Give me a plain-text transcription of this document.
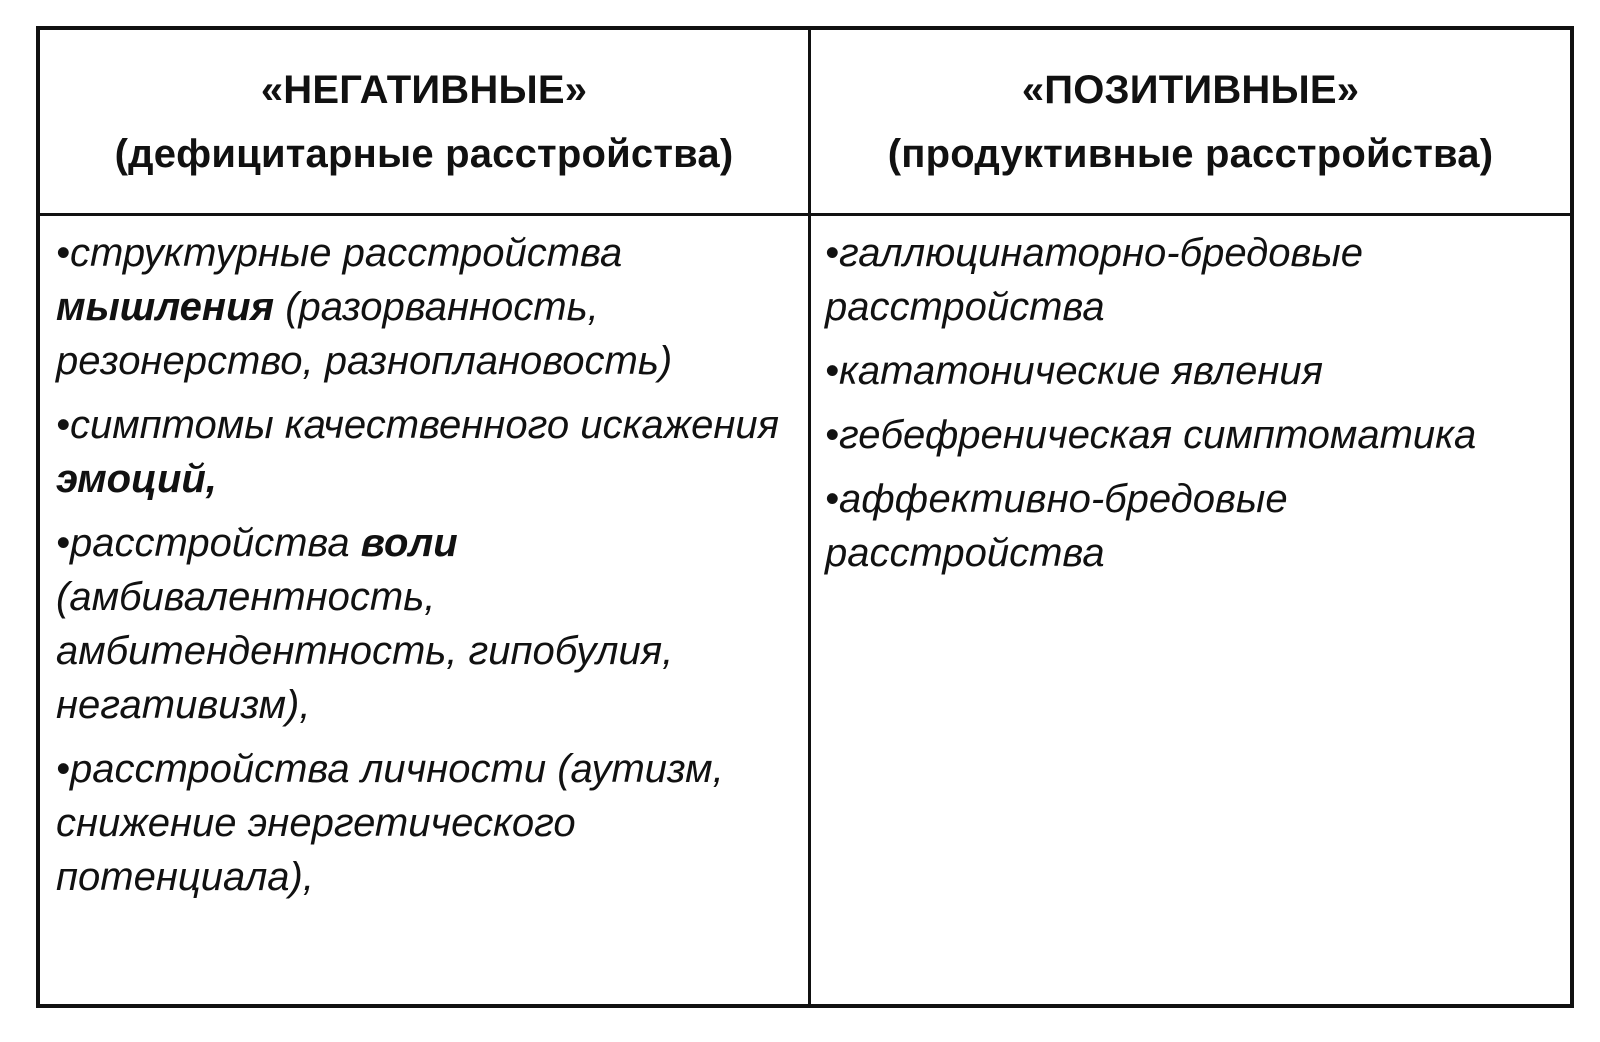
«НЕГАТИВНЫЕ»
(дефицитарные расстройства)
«ПОЗИТИВНЫЕ»
(продуктивные расстройства)

•структурные расстройства мышления (разорванность, резонерство, разноплановость)

•симптомы качественного искажения эмоций,

•расстройства воли (амбивалентность, амбитендентность, гипобулия, негативизм),

•расстройства личности (аутизм, снижение энергетического потенциала),

•галлюцинаторно-бредовые расстройства

•кататонические явления

•гебефреническая симптоматика

•аффективно-бредовые расстройства
